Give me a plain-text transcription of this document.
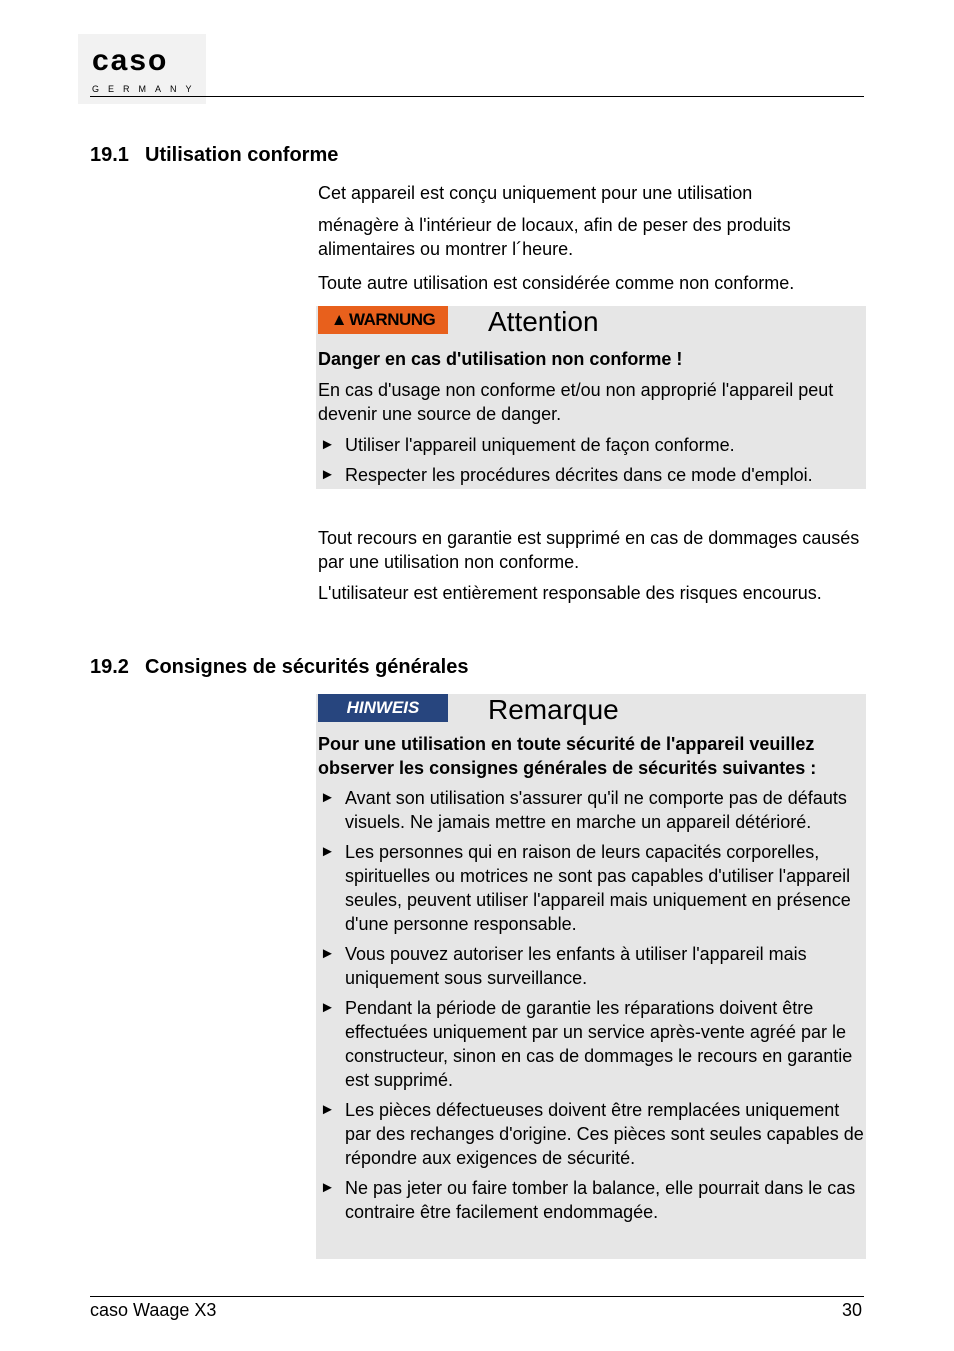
caso
GERMANY
19.1 Utilisation conforme

Cet appareil est conçu uniquement pour une utilisation

ménagère à l'intérieur de locaux, afin de peser des produits alimentaires ou montrer l´heure.

Toute autre utilisation est considérée comme non conforme.

▲ WARNUNG Attention

Danger en cas d'utilisation non conforme !

En cas d'usage non conforme et/ou non approprié l'appareil peut devenir une source de danger.

► Utiliser l'appareil uniquement de façon conforme.
► Respecter les procédures décrites dans ce mode d'emploi.

Tout recours en garantie est supprimé en cas de dommages causés par une utilisation non conforme.

L'utilisateur est entièrement responsable des risques encourus.

19.2 Consignes de sécurités générales
HINWEIS	Remarque

Pour une utilisation en toute sécurité de l'appareil veuillez observer les consignes générales de sécurités suivantes :

► Avant son utilisation s'assurer qu'il ne comporte pas de défauts visuels. Ne jamais mettre en marche un appareil détérioré.
► Les personnes qui en raison de leurs capacités corporelles, spirituelles ou motrices ne sont pas capables d'utiliser l'appareil seules, peuvent utiliser l'appareil mais uniquement en présence d'une personne responsable.
► Vous pouvez autoriser les enfants à utiliser l'appareil mais uniquement sous surveillance.
► Pendant la période de garantie les réparations doivent être effectuées uniquement par un service après-vente agréé par le constructeur, sinon en cas de dommages le recours en garantie est supprimé.
► Les pièces défectueuses doivent être remplacées uniquement par des rechanges d'origine. Ces pièces sont seules capables de répondre aux exigences de sécurité.
► Ne pas jeter ou faire tomber la balance, elle pourrait dans le cas contraire être facilement endommagée.
caso Waage X3	30
